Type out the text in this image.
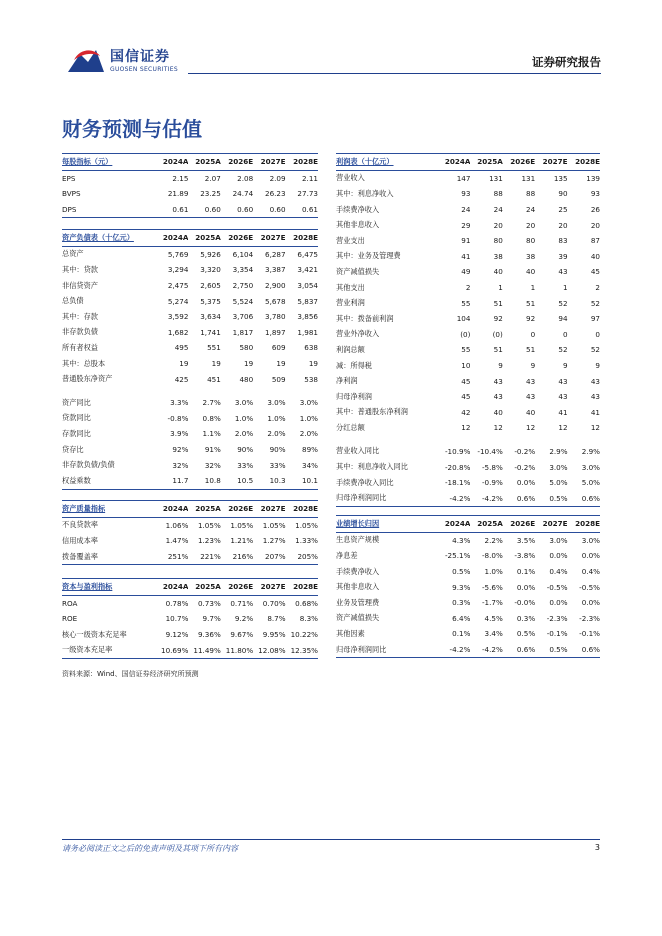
国信证券
GUOSEN SECURITIES
证券研究报告
财务预测与估值
每股指标（元）	2024A	2025A	2026E	2027E	2028E
EPS	2.15	2.07	2.08	2.09	2.11
BVPS	21.89	23.25	24.74	26.23	27.73
DPS	0.61	0.60	0.60	0.60	0.61
资产负债表（十亿元）	2024A	2025A	2026E	2027E	2028E
总资产	5,769	5,926	6,104	6,287	6,475
其中：贷款	3,294	3,320	3,354	3,387	3,421
非信贷资产	2,475	2,605	2,750	2,900	3,054
总负债	5,274	5,375	5,524	5,678	5,837
其中：存款	3,592	3,634	3,706	3,780	3,856
非存款负债	1,682	1,741	1,817	1,897	1,981
所有者权益	495	551	580	609	638
其中：总股本	19	19	19	19	19
普通股东净资产	425	451	480	509	538

资产同比	3.3%	2.7%	3.0%	3.0%	3.0%
贷款同比	-0.8%	0.8%	1.0%	1.0%	1.0%
存款同比	3.9%	1.1%	2.0%	2.0%	2.0%
贷存比	92%	91%	90%	90%	89%
非存款负债/负债	32%	32%	33%	33%	34%
权益乘数	11.7	10.8	10.5	10.3	10.1
资产质量指标	2024A	2025A	2026E	2027E	2028E
不良贷款率	1.06%	1.05%	1.05%	1.05%	1.05%
信用成本率	1.47%	1.23%	1.21%	1.27%	1.33%
拨备覆盖率	251%	221%	216%	207%	205%
资本与盈利指标	2024A	2025A	2026E	2027E	2028E
ROA	0.78%	0.73%	0.71%	0.70%	0.68%
ROE	10.7%	9.7%	9.2%	8.7%	8.3%
核心一级资本充足率	9.12%	9.36%	9.67%	9.95%	10.22%
一级资本充足率	10.69%	11.49%	11.80%	12.08%	12.35%
利润表（十亿元）	2024A	2025A	2026E	2027E	2028E
营业收入	147	131	131	135	139
其中：利息净收入	93	88	88	90	93
手续费净收入	24	24	24	25	26
其他非息收入	29	20	20	20	20
营业支出	91	80	80	83	87
其中：业务及管理费	41	38	38	39	40
资产减值损失	49	40	40	43	45
其他支出	2	1	1	1	2
营业利润	55	51	51	52	52
其中：拨备前利润	104	92	92	94	97
营业外净收入	(0)	(0)	0	0	0
利润总额	55	51	51	52	52
减：所得税	10	9	9	9	9
净利润	45	43	43	43	43
归母净利润	45	43	43	43	43
其中：普通股东净利润	42	40	40	41	41
分红总额	12	12	12	12	12

营业收入同比	-10.9%	-10.4%	-0.2%	2.9%	2.9%
其中：利息净收入同比	-20.8%	-5.8%	-0.2%	3.0%	3.0%
手续费净收入同比	-18.1%	-0.9%	0.0%	5.0%	5.0%
归母净利润同比	-4.2%	-4.2%	0.6%	0.5%	0.6%
业绩增长归因	2024A	2025A	2026E	2027E	2028E
生息资产规模	4.3%	2.2%	3.5%	3.0%	3.0%
净息差	-25.1%	-8.0%	-3.8%	0.0%	0.0%
手续费净收入	0.5%	1.0%	0.1%	0.4%	0.4%
其他非息收入	9.3%	-5.6%	0.0%	-0.5%	-0.5%
业务及管理费	0.3%	-1.7%	-0.0%	0.0%	0.0%
资产减值损失	6.4%	4.5%	0.3%	-2.3%	-2.3%
其他因素	0.1%	3.4%	0.5%	-0.1%	-0.1%
归母净利润同比	-4.2%	-4.2%	0.6%	0.5%	0.6%
资料来源：Wind、国信证券经济研究所预测
请务必阅读正文之后的免责声明及其项下所有内容	3
